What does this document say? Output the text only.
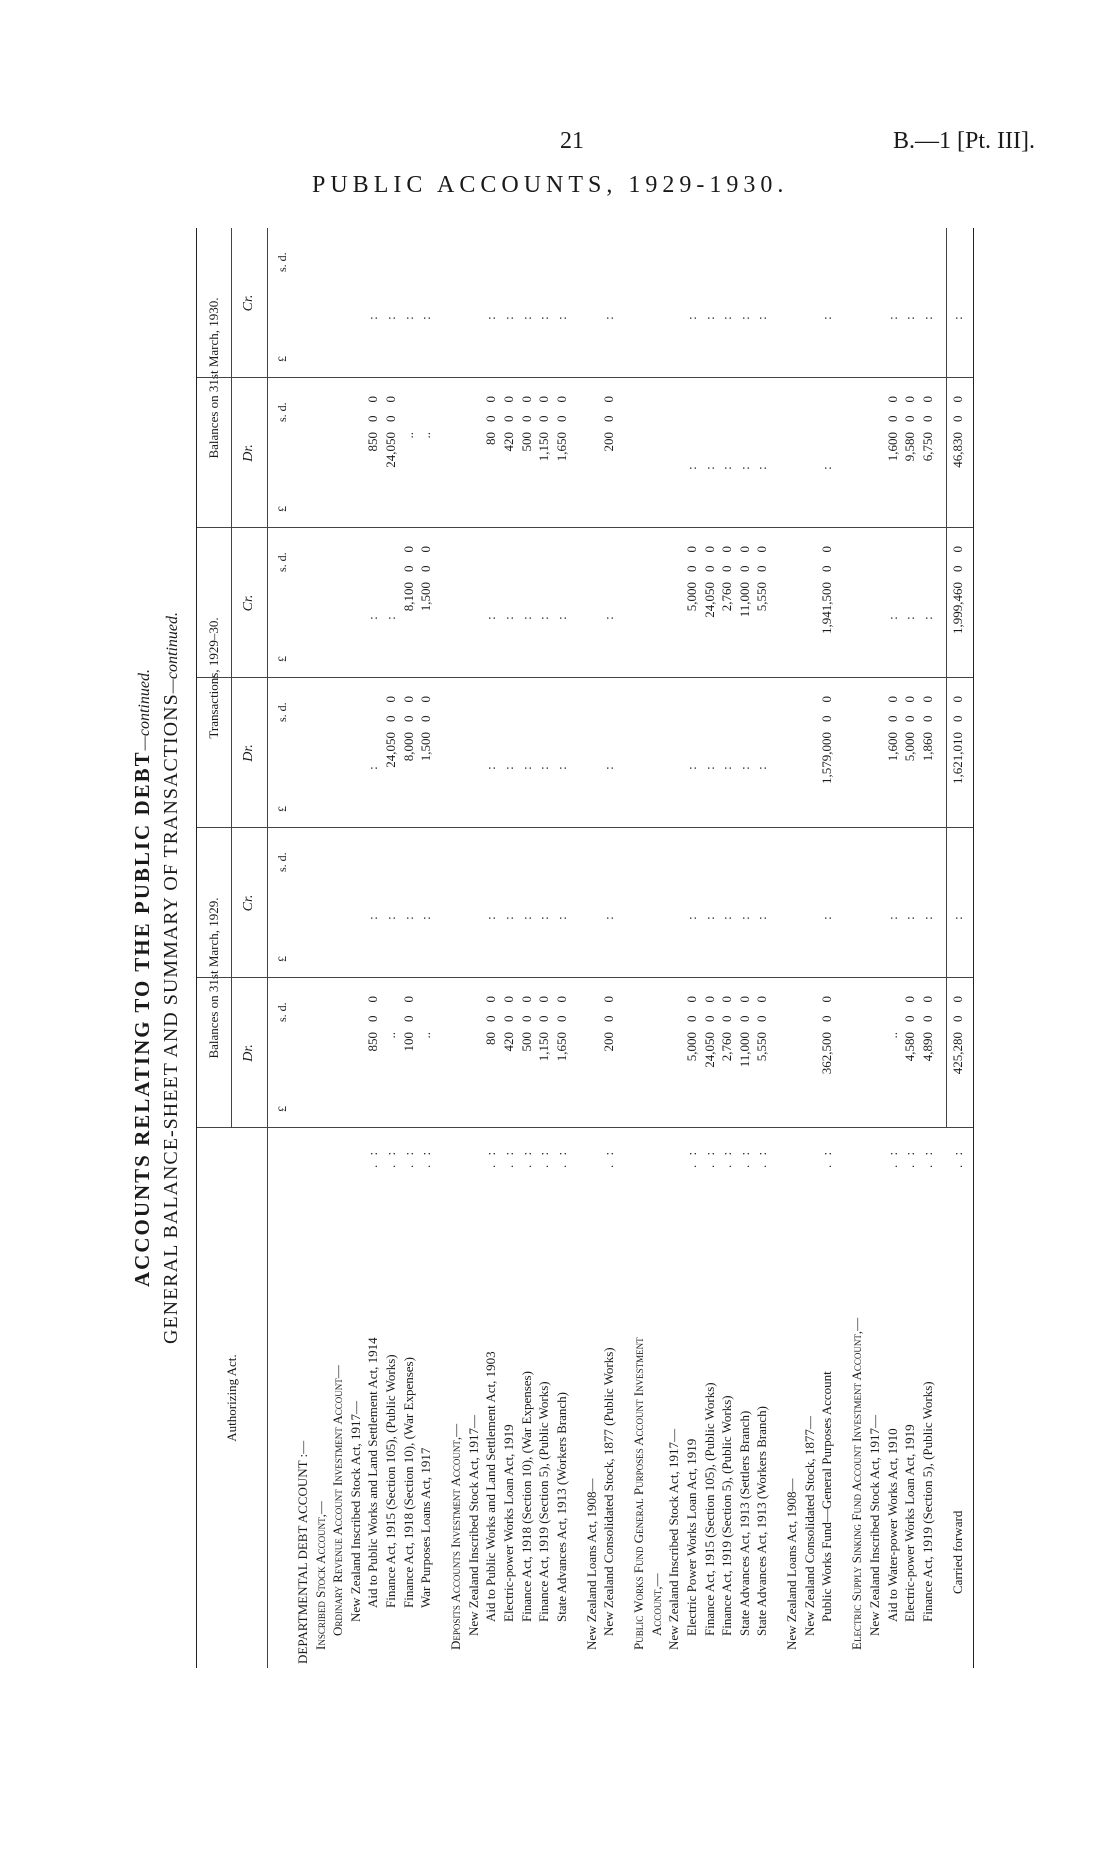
21	B.—1 [Pt. III].
PUBLIC ACCOUNTS, 1929-1930.
ACCOUNTS RELATING TO THE PUBLIC DEBT—continued. GENERAL BALANCE-SHEET AND SUMMARY OF TRANSACTIONS—continued.
Authorizing Act.
Balances on 31st March, 1929.
Transactions, 1929–30.
Balances on 31st March, 1930.
Dr.
Cr.
Dr.
Cr.
Dr.
Cr.
DEPARTMENTAL DEBT ACCOUNT :— Inscribed Stock Account,— Ordinary Revenue Account Investment Account— New Zealand Inscribed Stock Act, 1917— Aid to Public Works and Land Settlement Act, 1914
. :
850
0 0
:
:
:
850
0 0
:
Finance Act, 1915 (Section 105), (Public Works)
. :
..
:
24,050
0 0
:
24,050
0 0
:
Finance Act, 1918 (Section 10), (War Expenses)
. :
100
0 0
:
8,000
0 0
8,100
0 0
..
:
War Purposes Loans Act, 1917
. :
..
:
1,500
0 0
1,500
0 0
..
:
Deposits Accounts Investment Account,— New Zealand Inscribed Stock Act, 1917— Aid to Public Works and Land Settlement Act, 1903
. :
80
0 0
:
:
:
80
0 0
:
Electric-power Works Loan Act, 1919
. :
420
0 0
:
:
:
420
0 0
:
Finance Act, 1918 (Section 10), (War Expenses)
. :
500
0 0
:
:
:
500
0 0
:
Finance Act, 1919 (Section 5), (Public Works)
. :
1,150
0 0
:
:
:
1,150
0 0
:
State Advances Act, 1913 (Workers Branch)
. :
1,650
0 0
:
:
:
1,650
0 0
:
New Zealand Loans Act, 1908— New Zealand Consolidated Stock, 1877 (Public Works)
. :
200
0 0
:
:
:
200
0 0
:
Public Works Fund General Purposes Account Investment Account,— New Zealand Inscribed Stock Act, 1917— Electric Power Works Loan Act, 1919
. :
5,000
0 0
:
:
5,000
0 0
:
:
Finance Act, 1915 (Section 105), (Public Works)
. :
24,050
0 0
:
:
24,050
0 0
:
:
Finance Act, 1919 (Section 5), (Public Works)
. :
2,760
0 0
:
:
2,760
0 0
:
:
State Advances Act, 1913 (Settlers Branch)
. :
11,000
0 0
:
:
11,000
0 0
:
:
State Advances Act, 1913 (Workers Branch)
. :
5,550
0 0
:
:
5,550
0 0
:
:
New Zealand Loans Act, 1908— New Zealand Consolidated Stock, 1877— Public Works Fund—General Purposes Account
. :
362,500
0 0
:
1,579,000
0 0
1,941,500
0 0
:
:
Electric Supply Sinking Fund Account Investment Account,— New Zealand Inscribed Stock Act, 1917— Aid to Water-power Works Act, 1910
. :
..
:
1,600
0 0
:
1,600
0 0
:
Electric-power Works Loan Act, 1919
. :
4,580
0 0
:
5,000
0 0
:
9,580
0 0
:
Finance Act, 1919 (Section 5), (Public Works)
. :
4,890
0 0
:
1,860
0 0
:
6,750
0 0
:
Carried forward
. :
425,280
0 0
:
1,621,010
0 0
1,999,460
0 0
46,830
0 0
:
£
s. d.
£
s. d.
£
s. d.
£
s. d.
£
s. d.
£
s. d.
